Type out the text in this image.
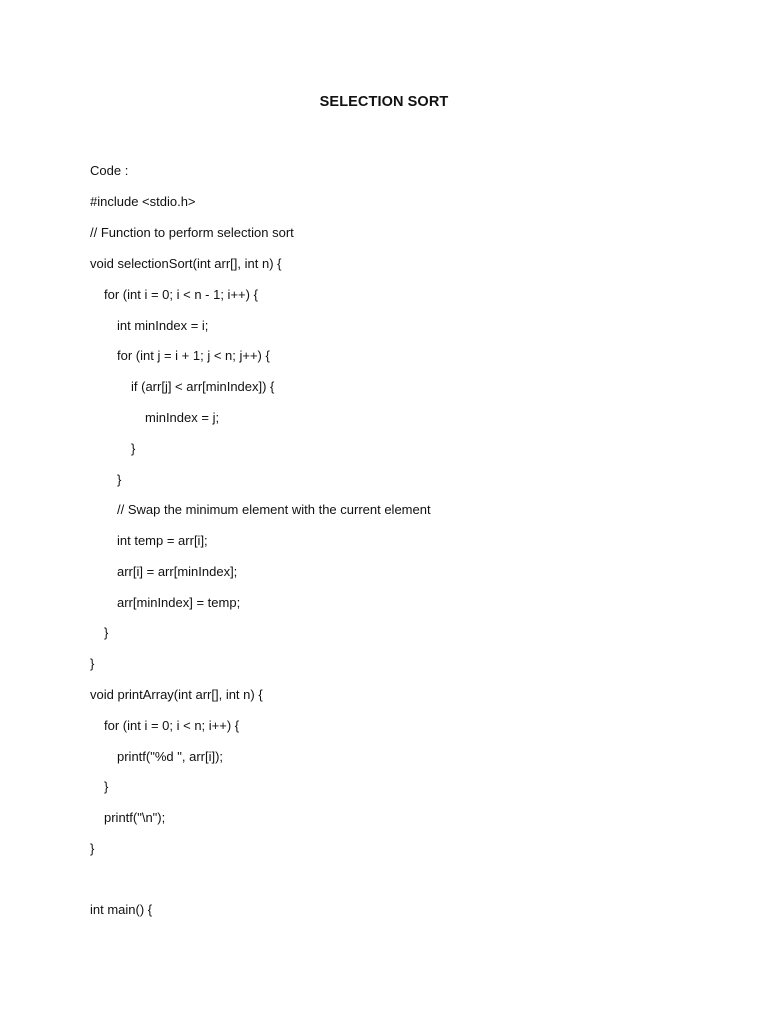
SELECTION SORT

Code :

#include <stdio.h>

// Function to perform selection sort

void selectionSort(int arr[], int n) {

for (int i = 0; i < n - 1; i++) {

int minIndex = i;

for (int j = i + 1; j < n; j++) {

if (arr[j] < arr[minIndex]) {

minIndex = j;

}

}

// Swap the minimum element with the current element

int temp = arr[i];

arr[i] = arr[minIndex];

arr[minIndex] = temp;

}

}

void printArray(int arr[], int n) {

for (int i = 0; i < n; i++) {

printf("%d ", arr[i]);

}

printf("\n");

}

int main() {
